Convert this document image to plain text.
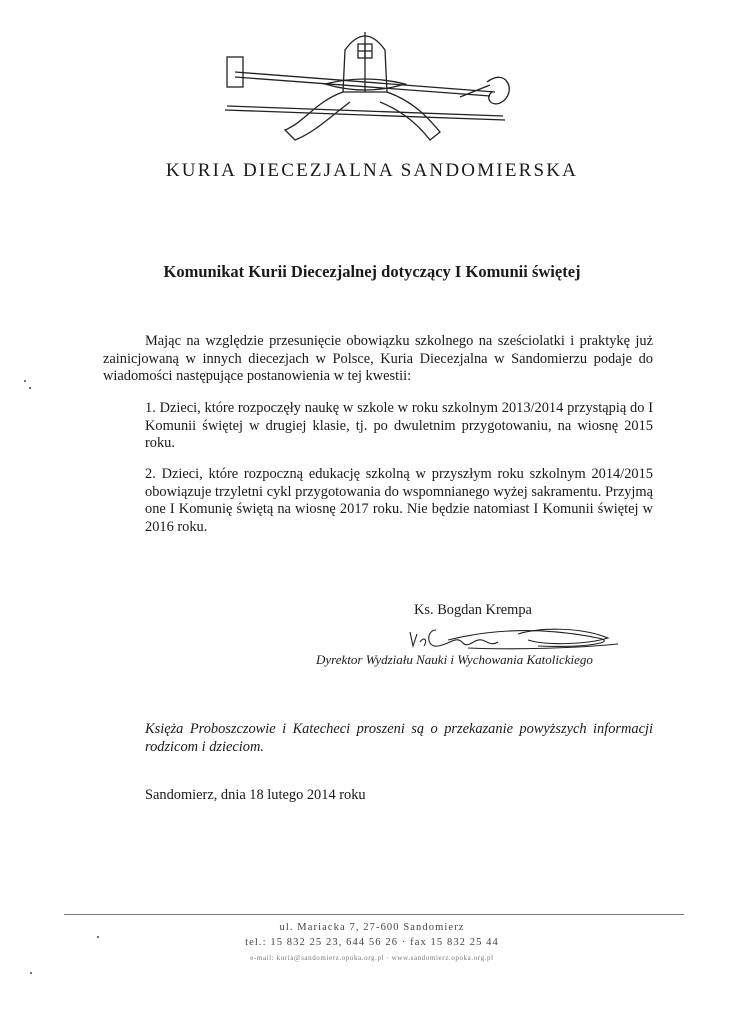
KURIA DIECEZJALNA SANDOMIERSKA
Komunikat Kurii Diecezjalnej dotyczący I Komunii świętej
Mając na względzie przesunięcie obowiązku szkolnego na sześciolatki i praktykę już zainicjowaną w innych diecezjach w Polsce, Kuria Diecezjalna w Sandomierzu podaje do wiadomości następujące postanowienia w tej kwestii:
1. Dzieci, które rozpoczęły naukę w szkole w roku szkolnym 2013/2014 przystąpią do I Komunii świętej w drugiej klasie, tj. po dwuletnim przygotowaniu, na wiosnę 2015 roku.
2. Dzieci, które rozpoczną edukację szkolną w przyszłym roku szkolnym 2014/2015 obowiązuje trzyletni cykl przygotowania do wspomnianego wyżej sakramentu. Przyjmą one I Komunię świętą na wiosnę 2017 roku. Nie będzie natomiast I Komunii świętej w 2016 roku.
Ks. Bogdan Krempa
Dyrektor Wydziału Nauki i Wychowania Katolickiego
Księża Proboszczowie i Katecheci proszeni są o przekazanie powyższych informacji rodzicom i dzieciom.
Sandomierz, dnia 18 lutego 2014 roku
ul. Mariacka 7, 27-600 Sandomierz
tel.: 15 832 25 23, 644 56 26 · fax 15 832 25 44
e-mail: kuria@sandomierz.opoka.org.pl · www.sandomierz.opoka.org.pl
